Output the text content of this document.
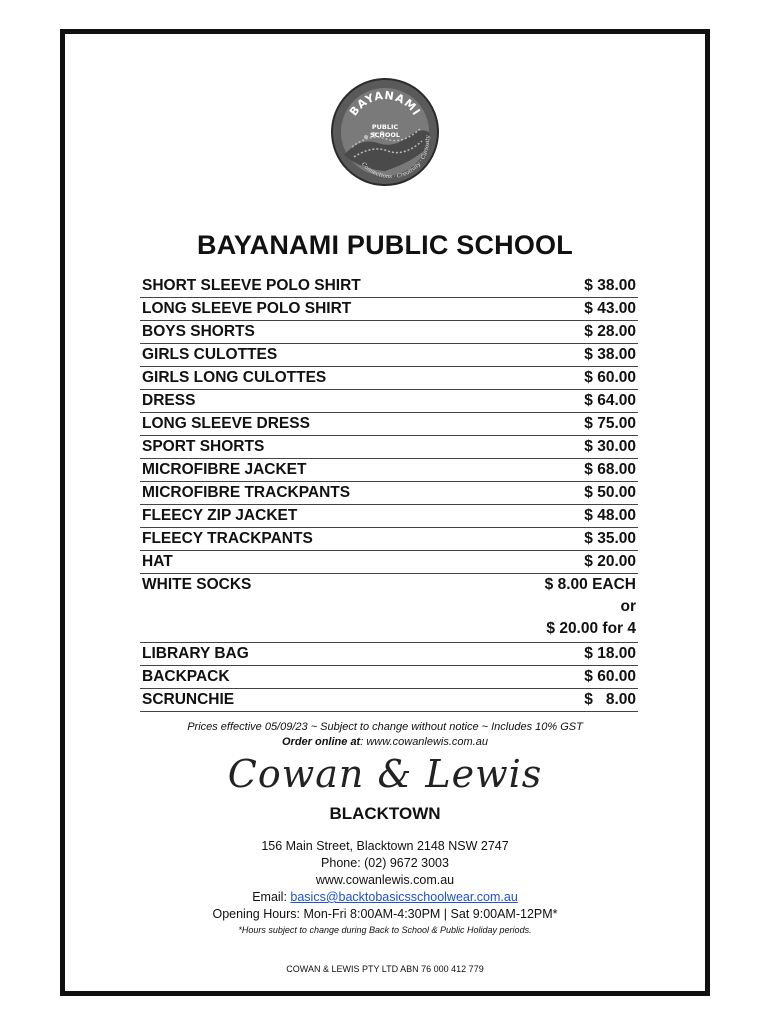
BAYANAMI
PUBLIC
SCHOOL
Connections · Creativity · Curiosity
BAYANAMI PUBLIC SCHOOL
SHORT SLEEVE POLO SHIRT	$ 38.00
LONG SLEEVE POLO SHIRT	$ 43.00
BOYS SHORTS	$ 28.00
GIRLS CULOTTES	$ 38.00
GIRLS LONG CULOTTES	$ 60.00
DRESS	$ 64.00
LONG SLEEVE DRESS	$ 75.00
SPORT SHORTS	$ 30.00
MICROFIBRE JACKET	$ 68.00
MICROFIBRE TRACKPANTS	$ 50.00
FLEECY ZIP JACKET	$ 48.00
FLEECY TRACKPANTS	$ 35.00
HAT	$ 20.00
WHITE SOCKS	$ 8.00 EACH
or
$ 20.00 for 4

LIBRARY BAG	$ 18.00
BACKPACK	$ 60.00
SCRUNCHIE	$   8.00
Prices effective 05/09/23 ~ Subject to change without notice ~ Includes 10% GST
Order online at: www.cowanlewis.com.au
Cowan & Lewis
BLACKTOWN
156 Main Street, Blacktown 2148 NSW 2747
Phone: (02) 9672 3003
www.cowanlewis.com.au
Email: basics@backtobasicsschoolwear.com.au
Opening Hours: Mon-Fri 8:00AM-4:30PM | Sat 9:00AM-12PM*
*Hours subject to change during Back to School & Public Holiday periods.
COWAN & LEWIS PTY LTD ABN 76 000 412 779
